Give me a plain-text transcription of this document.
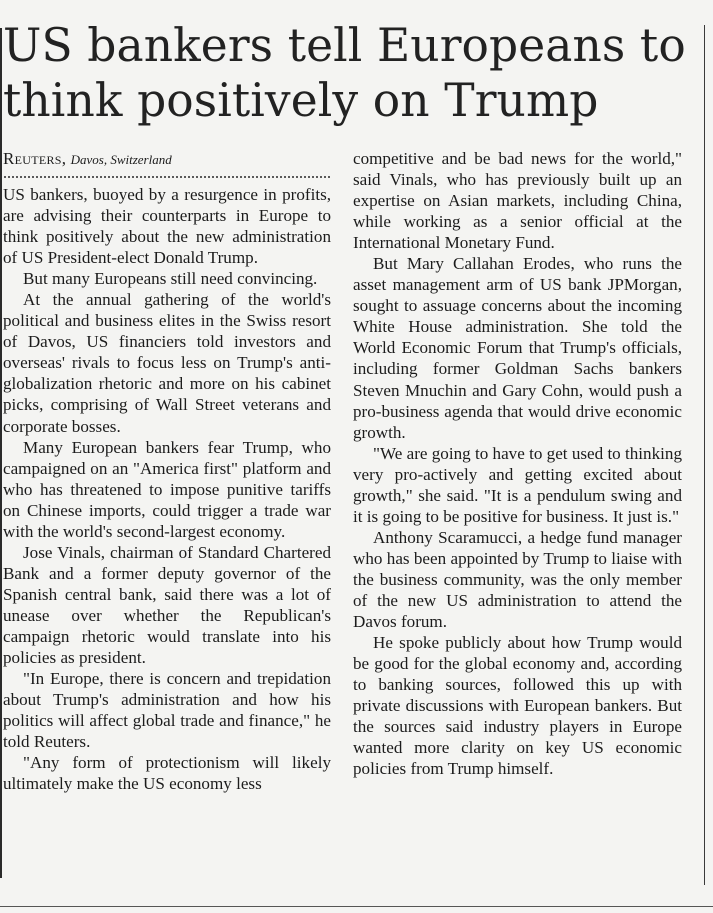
US bankers tell Europeans to think positively on Trump
Reuters, Davos, Switzerland

US bankers, buoyed by a resurgence in profits, are advising their counterparts in Europe to think positively about the new administration of US President-elect Donald Trump.

But many Europeans still need convincing.

At the annual gathering of the world's political and business elites in the Swiss resort of Davos, US financiers told investors and overseas' rivals to focus less on Trump's anti-globalization rhetoric and more on his cabinet picks, comprising of Wall Street veterans and corporate bosses.

Many European bankers fear Trump, who campaigned on an "America first" platform and who has threatened to impose punitive tariffs on Chinese imports, could trigger a trade war with the world's second-largest economy.

Jose Vinals, chairman of Standard Chartered Bank and a former deputy governor of the Spanish central bank, said there was a lot of unease over whether the Republican's campaign rhetoric would translate into his policies as president.

"In Europe, there is concern and trepidation about Trump's administration and how his politics will affect global trade and finance," he told Reuters.

"Any form of protectionism will likely ultimately make the US economy less

competitive and be bad news for the world," said Vinals, who has previously built up an expertise on Asian markets, including China, while working as a senior official at the International Monetary Fund.

But Mary Callahan Erodes, who runs the asset management arm of US bank JPMorgan, sought to assuage concerns about the incoming White House administration. She told the World Economic Forum that Trump's officials, including former Goldman Sachs bankers Steven Mnuchin and Gary Cohn, would push a pro-business agenda that would drive economic growth.

"We are going to have to get used to thinking very pro-actively and getting excited about growth," she said. "It is a pendulum swing and it is going to be positive for business. It just is."

Anthony Scaramucci, a hedge fund manager who has been appointed by Trump to liaise with the business community, was the only member of the new US administration to attend the Davos forum.

He spoke publicly about how Trump would be good for the global economy and, according to banking sources, followed this up with private discussions with European bankers. But the sources said industry players in Europe wanted more clarity on key US economic policies from Trump himself.
